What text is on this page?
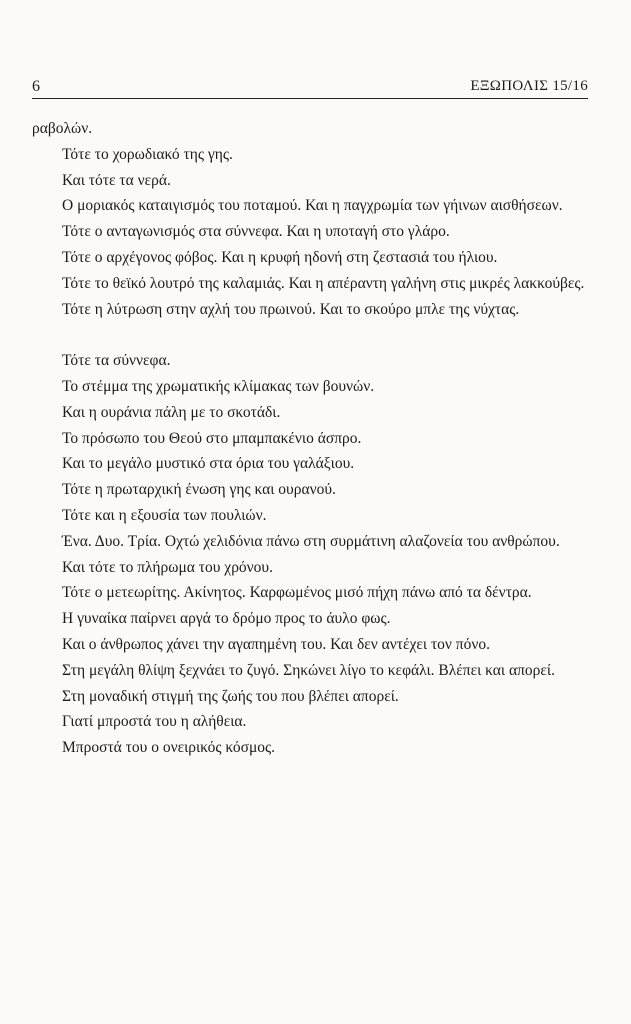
6	ΕΞΩΠΟΛΙΣ 15/16

ραβολών.

Τότε το χορωδιακό της γης.

Και τότε τα νερά.

Ο μοριακός καταιγισμός του ποταμού. Και η παγχρωμία των γήινων αισθήσεων.

Τότε ο ανταγωνισμός στα σύννεφα. Και η υποταγή στο γλάρο.

Τότε ο αρχέγονος φόβος. Και η κρυφή ηδονή στη ζεστασιά του ήλιου.

Τότε το θεϊκό λουτρό της καλαμιάς. Και η απέραντη γαλήνη στις μικρές λακκούβες.

Τότε η λύτρωση στην αχλή του πρωινού. Και το σκούρο μπλε της νύχτας.

Τότε τα σύννεφα.

Το στέμμα της χρωματικής κλίμακας των βουνών.

Και η ουράνια πάλη με το σκοτάδι.

Το πρόσωπο του Θεού στο μπαμπακένιο άσπρο.

Και το μεγάλο μυστικό στα όρια του γαλάξιου.

Τότε η πρωταρχική ένωση γης και ουρανού.

Τότε και η εξουσία των πουλιών.

Ένα. Δυο. Τρία. Οχτώ χελιδόνια πάνω στη συρμάτινη αλαζονεία του ανθρώπου.

Και τότε το πλήρωμα του χρόνου.

Τότε ο μετεωρίτης. Ακίνητος. Καρφωμένος μισό πήχη πάνω από τα δέντρα.

Η γυναίκα παίρνει αργά το δρόμο προς το άυλο φως.

Και ο άνθρωπος χάνει την αγαπημένη του. Και δεν αντέχει τον πόνο.

Στη μεγάλη θλίψη ξεχνάει το ζυγό. Σηκώνει λίγο το κεφάλι. Βλέπει και απορεί.

Στη μοναδική στιγμή της ζωής του που βλέπει απορεί.

Γιατί μπροστά του η αλήθεια.

Μπροστά του ο ονειρικός κόσμος.
